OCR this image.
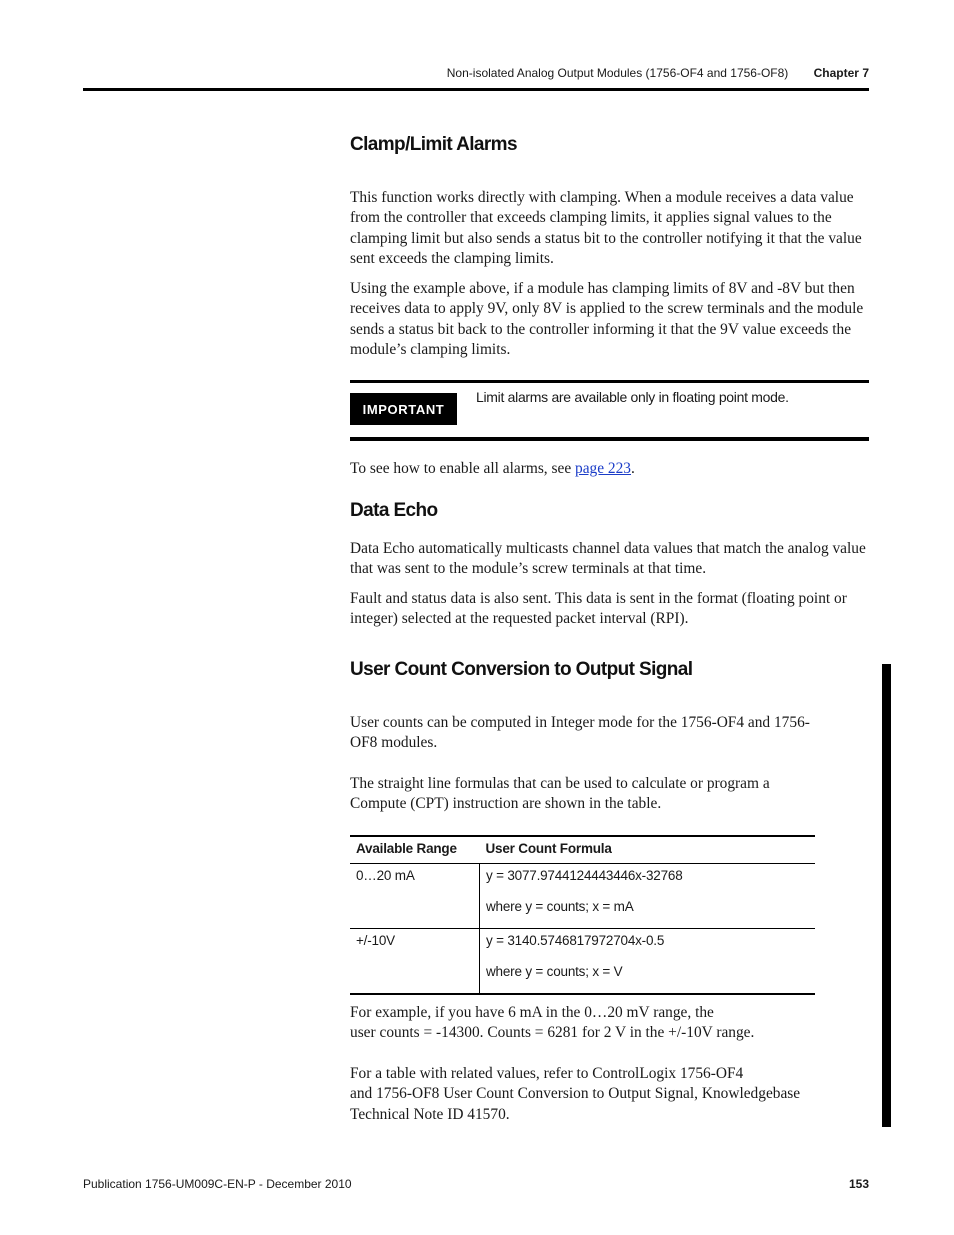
Non-isolated Analog Output Modules (1756-OF4 and 1756-OF8) Chapter 7
Clamp/Limit Alarms

This function works directly with clamping. When a module receives a data value from the controller that exceeds clamping limits, it applies signal values to the clamping limit but also sends a status bit to the controller notifying it that the value sent exceeds the clamping limits.

Using the example above, if a module has clamping limits of 8V and -8V but then receives data to apply 9V, only 8V is applied to the screw terminals and the module sends a status bit back to the controller informing it that the 9V value exceeds the module’s clamping limits.

IMPORTANT
Limit alarms are available only in floating point mode.

To see how to enable all alarms, see page 223.

Data Echo

Data Echo automatically multicasts channel data values that match the analog value that was sent to the module’s screw terminals at that time.

Fault and status data is also sent. This data is sent in the format (floating point or integer) selected at the requested packet interval (RPI).

User Count Conversion to Output Signal

User counts can be computed in Integer mode for the 1756-OF4 and 1756-OF8 modules.

The straight line formulas that can be used to calculate or program a Compute (CPT) instruction are shown in the table.

Available Range	User Count Formula
0…20 mA	y = 3077.9744124443446x-32768
where y = counts; x = mA

+/-10V	y = 3140.5746817972704x-0.5
where y = counts; x = V

For example, if you have 6 mA in the 0…20 mV range, the
user counts = -14300. Counts = 6281 for 2 V in the +/-10V range.

For a table with related values, refer to ControlLogix 1756-OF4
and 1756-OF8 User Count Conversion to Output Signal, Knowledgebase
Technical Note ID 41570.

Publication 1756-UM009C-EN-P - December 2010	153
